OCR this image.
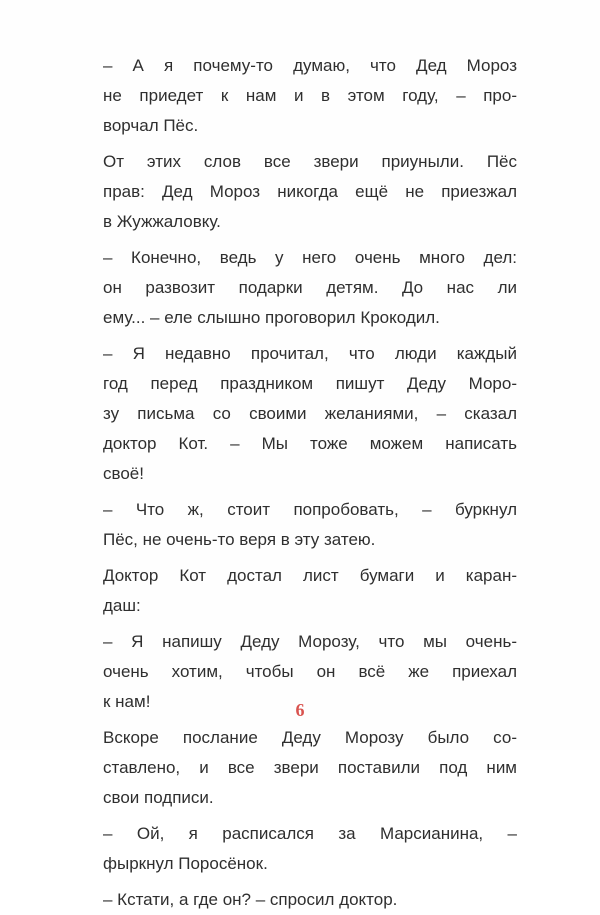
– А я почему-то думаю, что Дед Мороз
не приедет к нам и в этом году, – про-
ворчал Пёс.
От этих слов все звери приуныли. Пёс
прав: Дед Мороз никогда ещё не приезжал
в Жужжаловку.
– Конечно, ведь у него очень много дел:
он развозит подарки детям. До нас ли
ему... – еле слышно проговорил Крокодил.
– Я недавно прочитал, что люди каждый
год перед праздником пишут Деду Моро-
зу письма со своими желаниями, – сказал
доктор Кот. – Мы тоже можем написать
своё!
– Что ж, стоит попробовать, – буркнул
Пёс, не очень-то веря в эту затею.
Доктор Кот достал лист бумаги и каран-
даш:
– Я напишу Деду Морозу, что мы очень-
очень хотим, чтобы он всё же приехал
к нам!
Вскоре послание Деду Морозу было со-
ставлено, и все звери поставили под ним
свои подписи.
– Ой, я расписался за Марсианина, –
фыркнул Поросёнок.
– Кстати, а где он? – спросил доктор.
6
